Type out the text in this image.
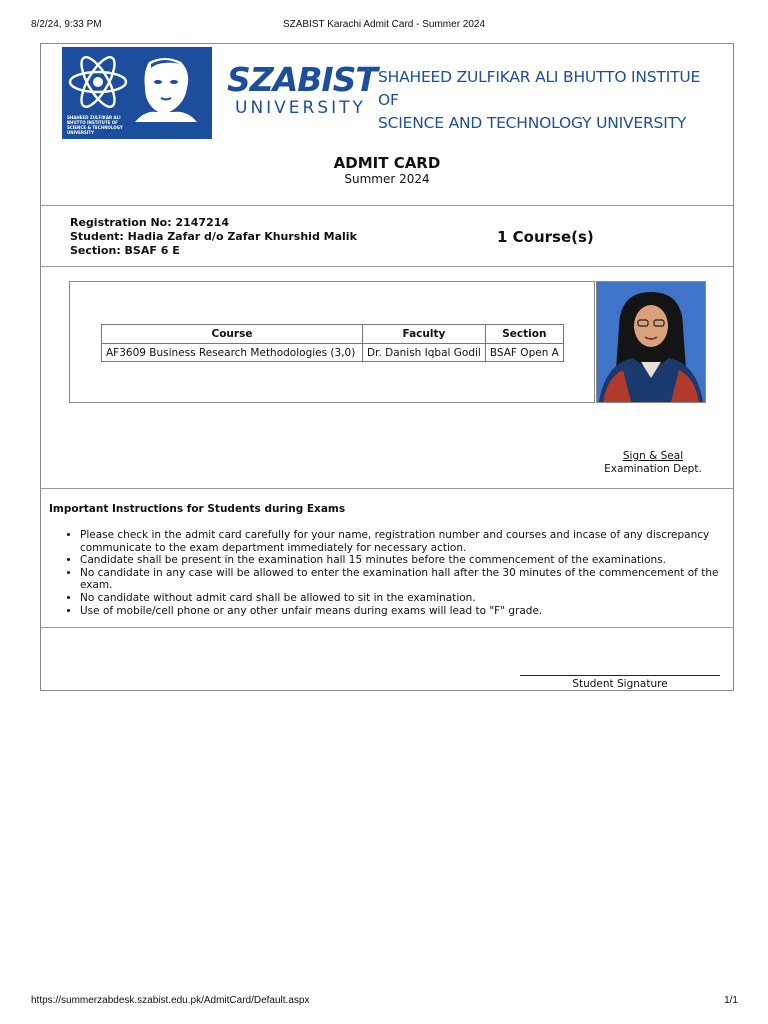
8/2/24, 9:33 PM	SZABIST Karachi Admit Card - Summer 2024
SHAHEED ZULFIKAR ALI BHUTTO INSTITUTE OF SCIENCE & TECHNOLOGY UNIVERSITY
SZABIST
UNIVERSITY
SHAHEED ZULFIKAR ALI BHUTTO INSTITUE OF
SCIENCE AND TECHNOLOGY UNIVERSITY
ADMIT CARD
Summer 2024
Registration No: 2147214
Student: Hadia Zafar d/o Zafar Khurshid Malik
Section: BSAF 6 E
1 Course(s)
Course	Faculty	Section
AF3609 Business Research Methodologies (3,0)	Dr. Danish Iqbal Godil	BSAF Open A
Sign & Seal
Examination Dept.
Important Instructions for Students during Exams
• Please check in the admit card carefully for your name, registration number and courses and incase of any discrepancy communicate to the exam department immediately for necessary action.
• Candidate shall be present in the examination hall 15 minutes before the commencement of the examinations.
• No candidate in any case will be allowed to enter the examination hall after the 30 minutes of the commencement of the exam.
• No candidate without admit card shall be allowed to sit in the examination.
• Use of mobile/cell phone or any other unfair means during exams will lead to "F" grade.
Student Signature
https://summerzabdesk.szabist.edu.pk/AdmitCard/Default.aspx	1/1
